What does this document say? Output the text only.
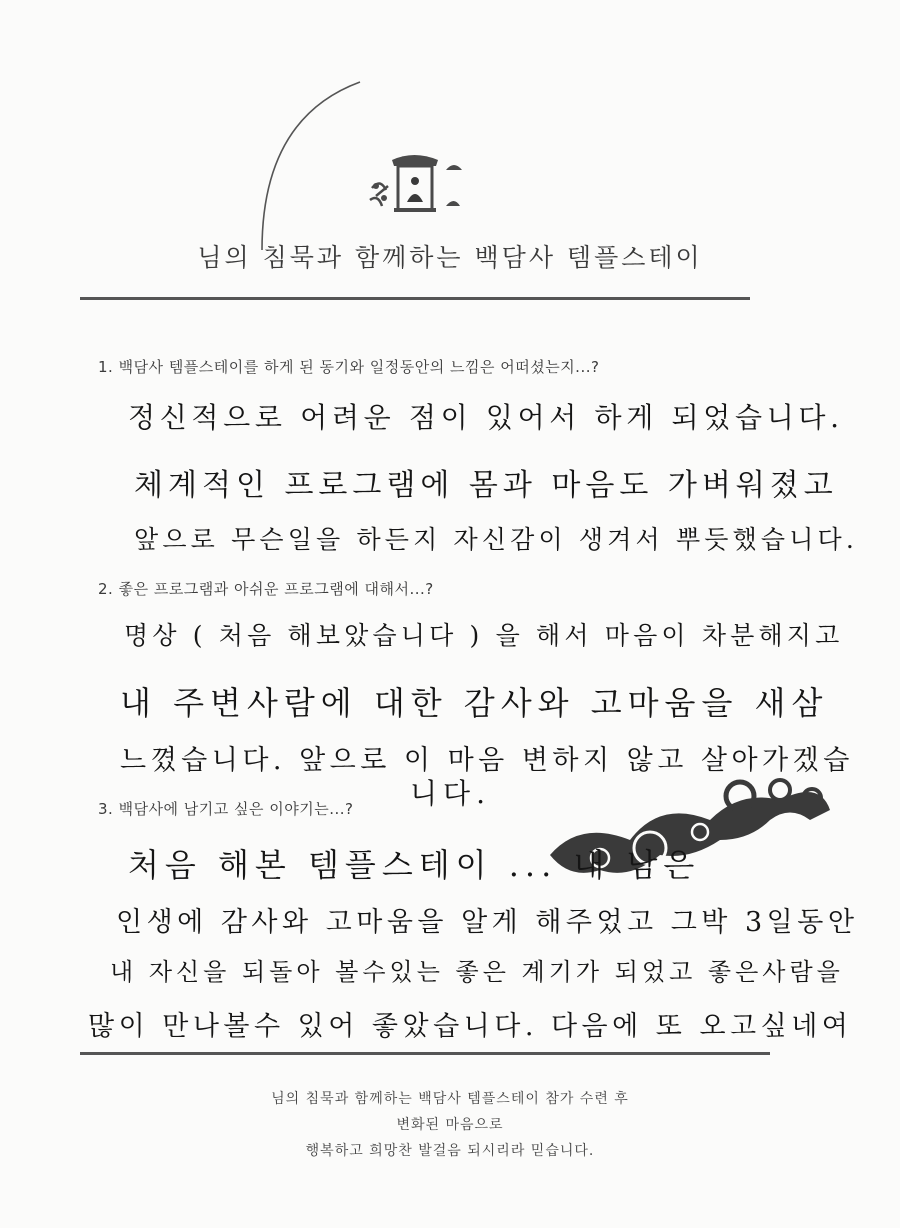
님의 침묵과 함께하는 백담사 템플스테이
1. 백담사 템플스테이를 하게 된 동기와 일정동안의 느낌은 어떠셨는지...?
정신적으로 어려운 점이 있어서 하게 되었습니다.
체계적인 프로그램에 몸과 마음도 가벼워졌고
앞으로 무슨일을 하든지 자신감이 생겨서 뿌듯했습니다.
2. 좋은 프로그램과 아쉬운 프로그램에 대해서...?
명상 ( 처음 해보았습니다 ) 을 해서 마음이 차분해지고
내 주변사람에 대한 감사와 고마움을 새삼
느꼈습니다. 앞으로 이 마음 변하지 않고 살아가겠습
니다.
3. 백담사에 남기고 싶은 이야기는...?
처음 해본 템플스테이 ... 내 남은
인생에 감사와 고마움을 알게 해주었고 그박 3일동안
내 자신을 되돌아 볼수있는 좋은 계기가 되었고 좋은사람을
많이 만나볼수 있어 좋았습니다. 다음에 또 오고싶네여
님의 침묵과 함께하는 백담사 템플스테이 참가 수련 후
변화된 마음으로
행복하고 희망찬 발걸음 되시리라 믿습니다.
